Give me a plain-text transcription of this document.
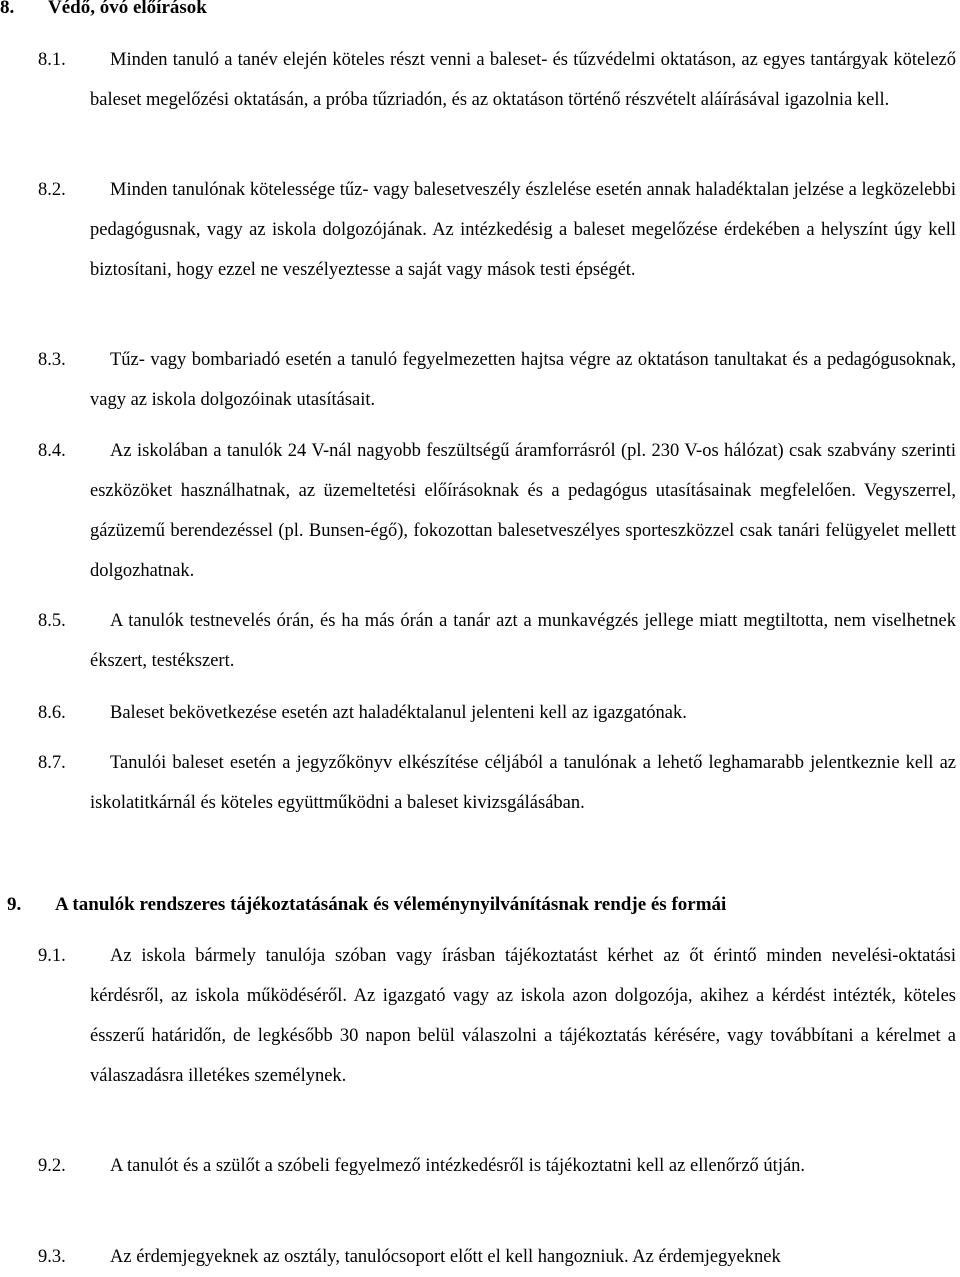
8. Védő, óvó előírások
8.1.	Minden tanuló a tanév elején köteles részt venni a baleset- és tűzvédelmi oktatáson, az egyes tantárgyak kötelező baleset megelőzési oktatásán, a próba tűzriadón, és az oktatáson történő részvételt aláírásával igazolnia kell.
8.2.	Minden tanulónak kötelessége tűz- vagy balesetveszély észlelése esetén annak haladéktalan jelzése a legközelebbi pedagógusnak, vagy az iskola dolgozójának. Az intézkedésig a baleset megelőzése érdekében a helyszínt úgy kell biztosítani, hogy ezzel ne veszélyeztesse a saját vagy mások testi épségét.
8.3.	Tűz- vagy bombariadó esetén a tanuló fegyelmezetten hajtsa végre az oktatáson tanultakat és a pedagógusoknak, vagy az iskola dolgozóinak utasításait.
8.4.	Az iskolában a tanulók 24 V-nál nagyobb feszültségű áramforrásról (pl. 230 V-os hálózat) csak szabvány szerinti eszközöket használhatnak, az üzemeltetési előírásoknak és a pedagógus utasításainak megfelelően. Vegyszerrel, gázüzemű berendezéssel (pl. Bunsen-égő), fokozottan balesetveszélyes sporteszközzel csak tanári felügyelet mellett dolgozhatnak.
8.5.	A tanulók testnevelés órán, és ha más órán a tanár azt a munkavégzés jellege miatt megtiltotta, nem viselhetnek ékszert, testékszert.
8.6.	Baleset bekövetkezése esetén azt haladéktalanul jelenteni kell az igazgatónak.
8.7.	Tanulói baleset esetén a jegyzőkönyv elkészítése céljából a tanulónak a lehető leghamarabb jelentkeznie kell az iskolatitkárnál és köteles együttműködni a baleset kivizsgálásában.
9. A tanulók rendszeres tájékoztatásának és véleménynyilvánításnak rendje és formái
9.1.	Az iskola bármely tanulója szóban vagy írásban tájékoztatást kérhet az őt érintő minden nevelési-oktatási kérdésről, az iskola működéséről. Az igazgató vagy az iskola azon dolgozója, akihez a kérdést intézték, köteles ésszerű határidőn, de legkésőbb 30 napon belül válaszolni a tájékoztatás kérésére, vagy továbbítani a kérelmet a válaszadásra illetékes személynek.
9.2.	A tanulót és a szülőt a szóbeli fegyelmező intézkedésről is tájékoztatni kell az ellenőrző útján.
9.3.	Az érdemjegyeknek az osztály, tanulócsoport előtt el kell hangozniuk. Az érdemjegyeknek
